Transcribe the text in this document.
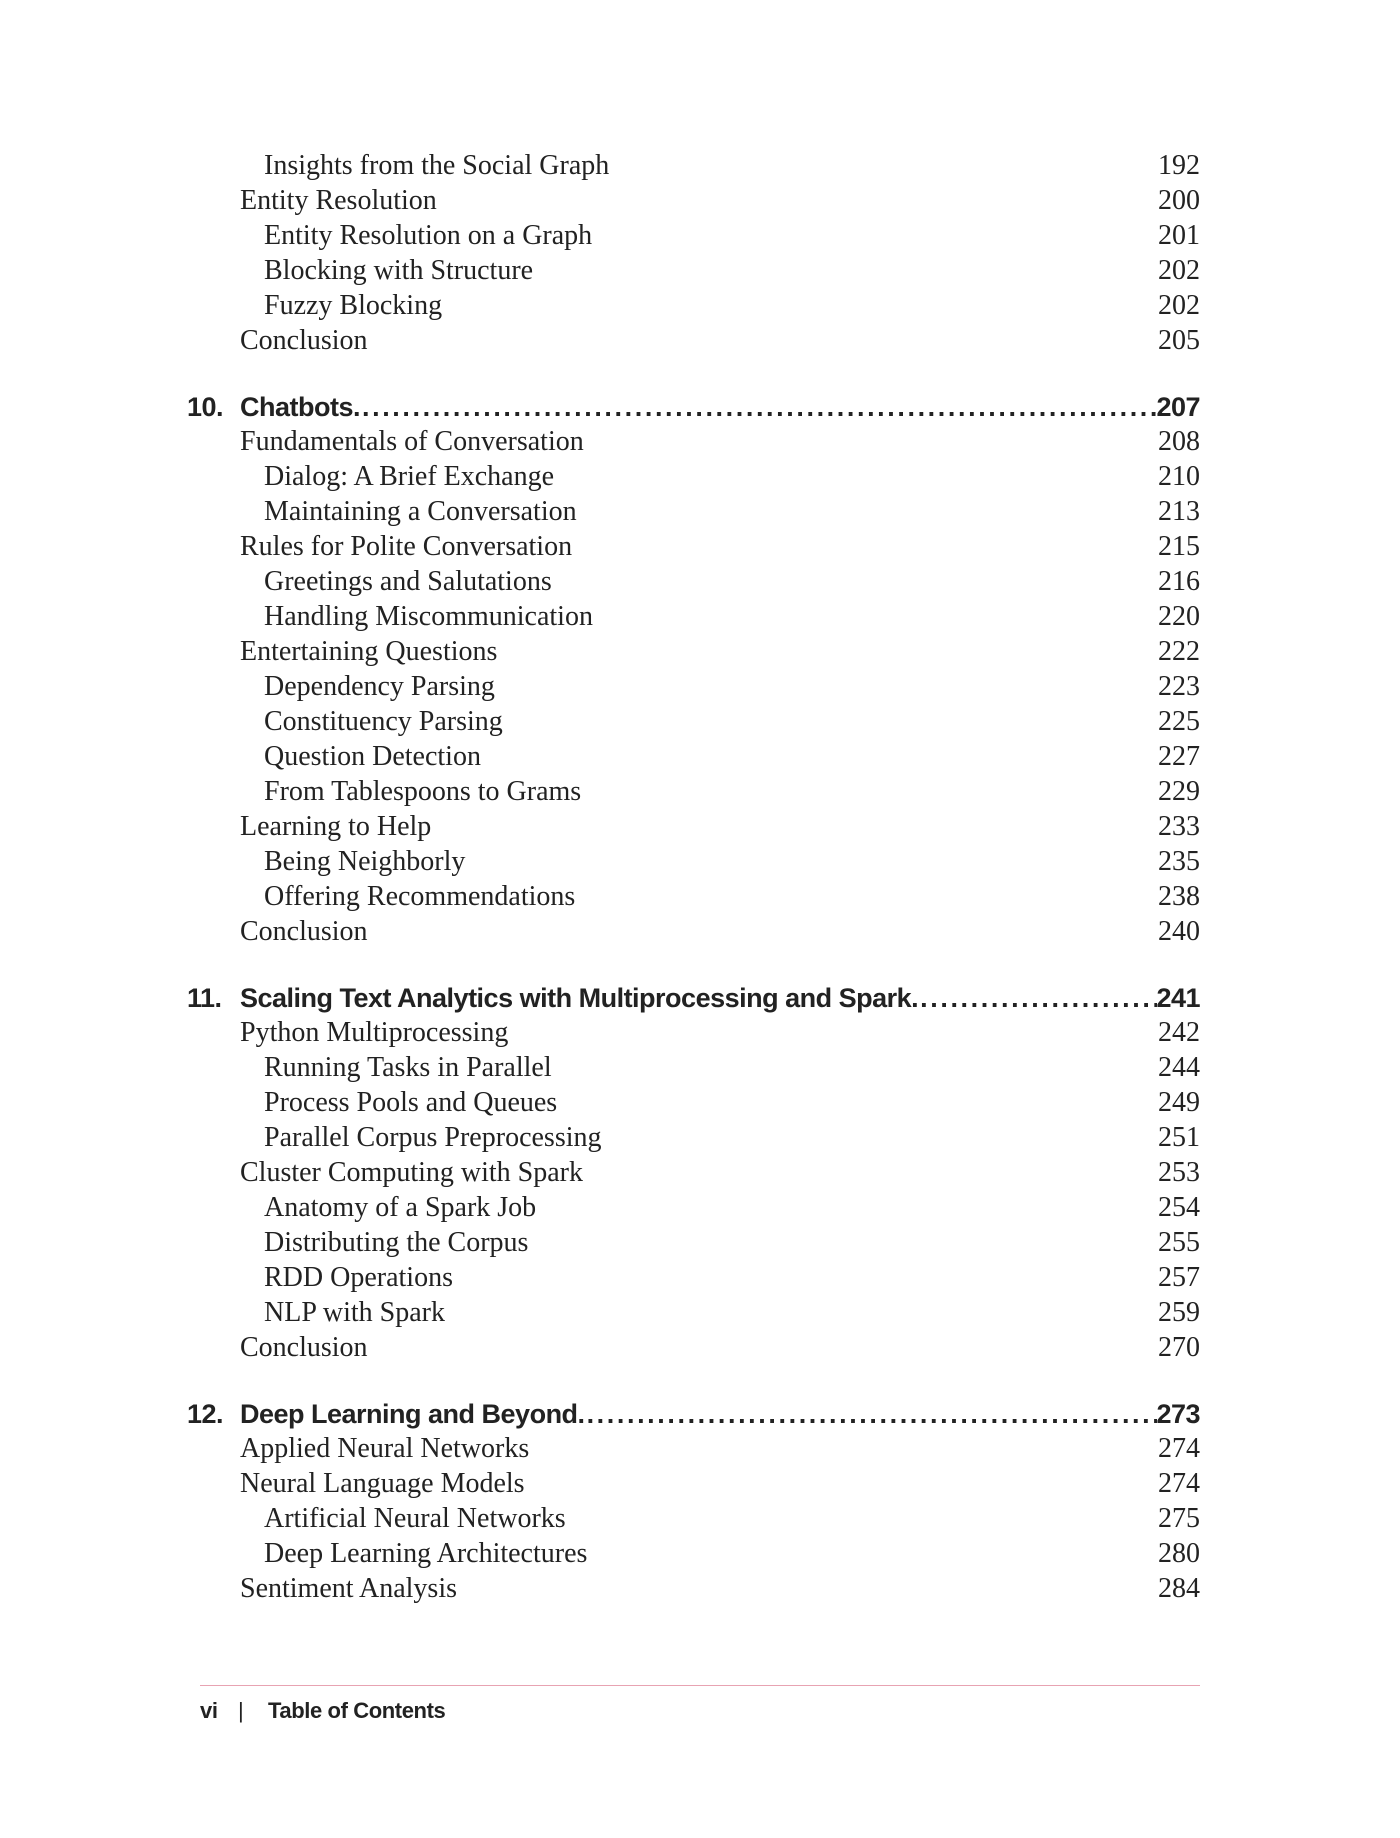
Insights from the Social Graph	192
Entity Resolution	200
Entity Resolution on a Graph	201
Blocking with Structure	202
Fuzzy Blocking	202
Conclusion	205
10. Chatbots. .....	207
Fundamentals of Conversation	208
Dialog: A Brief Exchange	210
Maintaining a Conversation	213
Rules for Polite Conversation	215
Greetings and Salutations	216
Handling Miscommunication	220
Entertaining Questions	222
Dependency Parsing	223
Constituency Parsing	225
Question Detection	227
From Tablespoons to Grams	229
Learning to Help	233
Being Neighborly	235
Offering Recommendations	238
Conclusion	240
11. Scaling Text Analytics with Multiprocessing and Spark. .....	241
Python Multiprocessing	242
Running Tasks in Parallel	244
Process Pools and Queues	249
Parallel Corpus Preprocessing	251
Cluster Computing with Spark	253
Anatomy of a Spark Job	254
Distributing the Corpus	255
RDD Operations	257
NLP with Spark	259
Conclusion	270
12. Deep Learning and Beyond. .....	273
Applied Neural Networks	274
Neural Language Models	274
Artificial Neural Networks	275
Deep Learning Architectures	280
Sentiment Analysis	284
vi | Table of Contents
